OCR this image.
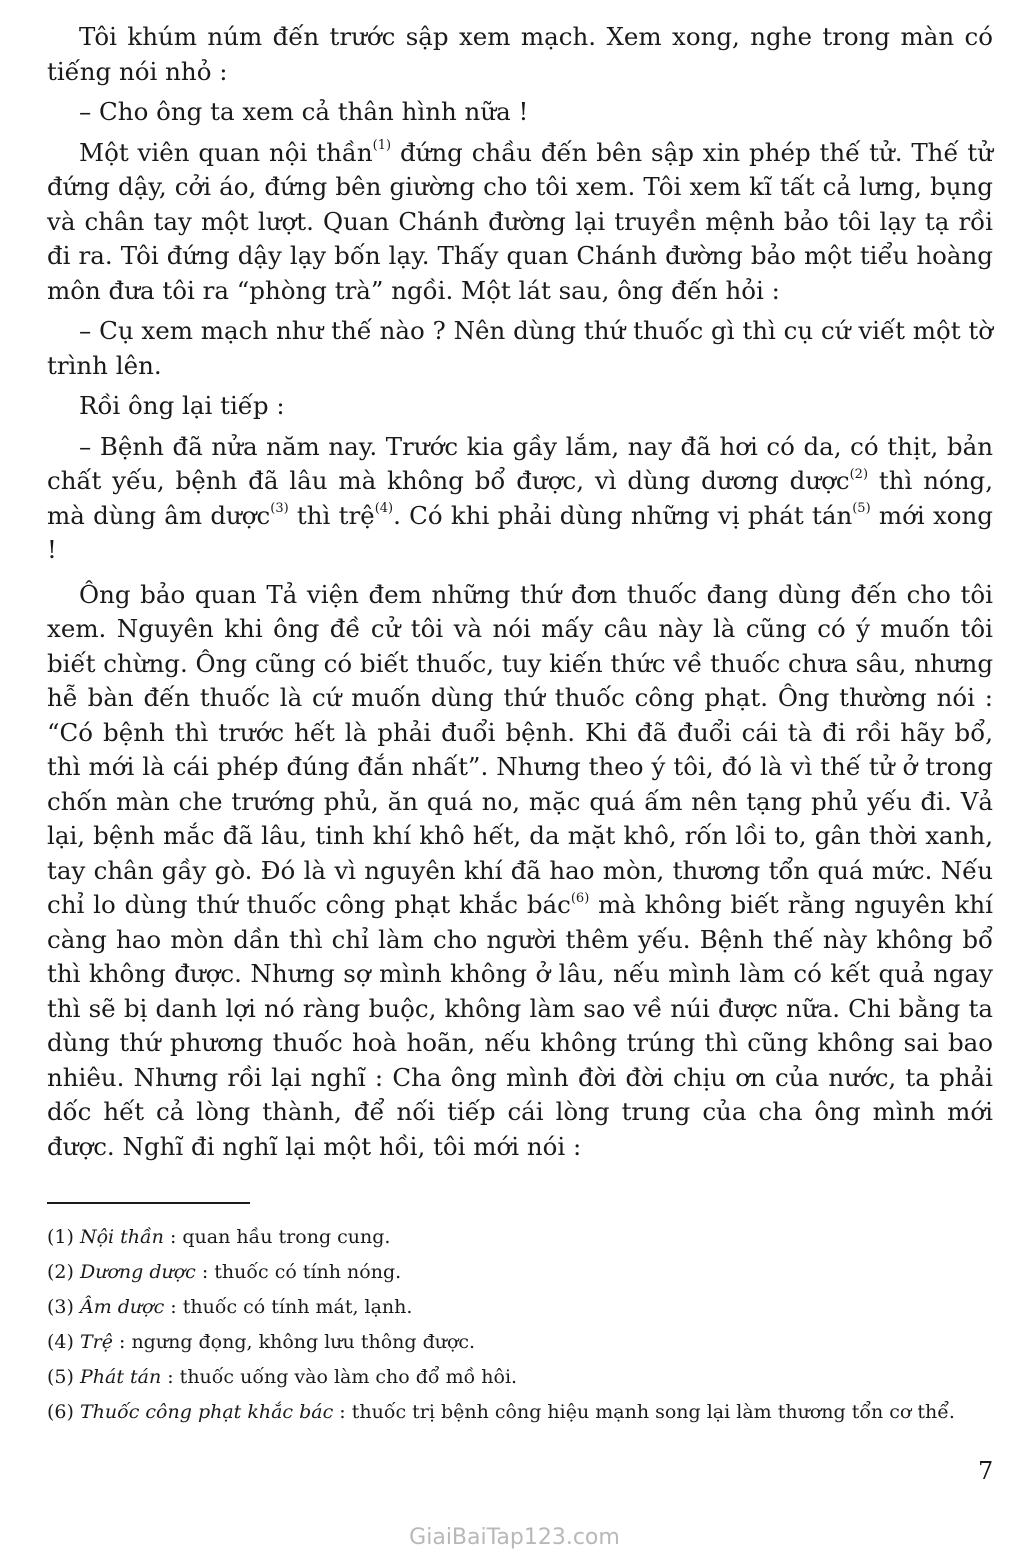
Tôi khúm núm đến trước sập xem mạch. Xem xong, nghe trong màn có tiếng nói nhỏ :

– Cho ông ta xem cả thân hình nữa !

Một viên quan nội thần$^{(1)}$ đứng chầu đến bên sập xin phép thế tử. Thế tử đứng dậy, cởi áo, đứng bên giường cho tôi xem. Tôi xem kĩ tất cả lưng, bụng và chân tay một lượt. Quan Chánh đường lại truyền mệnh bảo tôi lạy tạ rồi đi ra. Tôi đứng dậy lạy bốn lạy. Thấy quan Chánh đường bảo một tiểu hoàng môn đưa tôi ra “phòng trà” ngồi. Một lát sau, ông đến hỏi :

– Cụ xem mạch như thế nào ? Nên dùng thứ thuốc gì thì cụ cứ viết một tờ trình lên.

Rồi ông lại tiếp :

– Bệnh đã nửa năm nay. Trước kia gầy lắm, nay đã hơi có da, có thịt, bản chất yếu, bệnh đã lâu mà không bổ được, vì dùng dương dược$^{(2)}$ thì nóng, mà dùng âm dược$^{(3)}$ thì trệ$^{(4)}$. Có khi phải dùng những vị phát tán$^{(5)}$ mới xong !

Ông bảo quan Tả viện đem những thứ đơn thuốc đang dùng đến cho tôi xem. Nguyên khi ông đề cử tôi và nói mấy câu này là cũng có ý muốn tôi biết chừng. Ông cũng có biết thuốc, tuy kiến thức về thuốc chưa sâu, nhưng hễ bàn đến thuốc là cứ muốn dùng thứ thuốc công phạt. Ông thường nói : “Có bệnh thì trước hết là phải đuổi bệnh. Khi đã đuổi cái tà đi rồi hãy bổ, thì mới là cái phép đúng đắn nhất”. Nhưng theo ý tôi, đó là vì thế tử ở trong chốn màn che trướng phủ, ăn quá no, mặc quá ấm nên tạng phủ yếu đi. Vả lại, bệnh mắc đã lâu, tinh khí khô hết, da mặt khô, rốn lồi to, gân thời xanh, tay chân gầy gò. Đó là vì nguyên khí đã hao mòn, thương tổn quá mức. Nếu chỉ lo dùng thứ thuốc công phạt khắc bác$^{(6)}$ mà không biết rằng nguyên khí càng hao mòn dần thì chỉ làm cho người thêm yếu. Bệnh thế này không bổ thì không được. Nhưng sợ mình không ở lâu, nếu mình làm có kết quả ngay thì sẽ bị danh lợi nó ràng buộc, không làm sao về núi được nữa. Chi bằng ta dùng thứ phương thuốc hoà hoãn, nếu không trúng thì cũng không sai bao nhiêu. Nhưng rồi lại nghĩ : Cha ông mình đời đời chịu ơn của nước, ta phải dốc hết cả lòng thành, để nối tiếp cái lòng trung của cha ông mình mới được. Nghĩ đi nghĩ lại một hồi, tôi mới nói :

(1) Nội thần : quan hầu trong cung.
(2) Dương dược : thuốc có tính nóng.
(3) Âm dược : thuốc có tính mát, lạnh.
(4) Trệ : ngưng đọng, không lưu thông được.
(5) Phát tán : thuốc uống vào làm cho đổ mồ hôi.
(6) Thuốc công phạt khắc bác : thuốc trị bệnh công hiệu mạnh song lại làm thương tổn cơ thể.
7
GiaiBaiTap123.com
